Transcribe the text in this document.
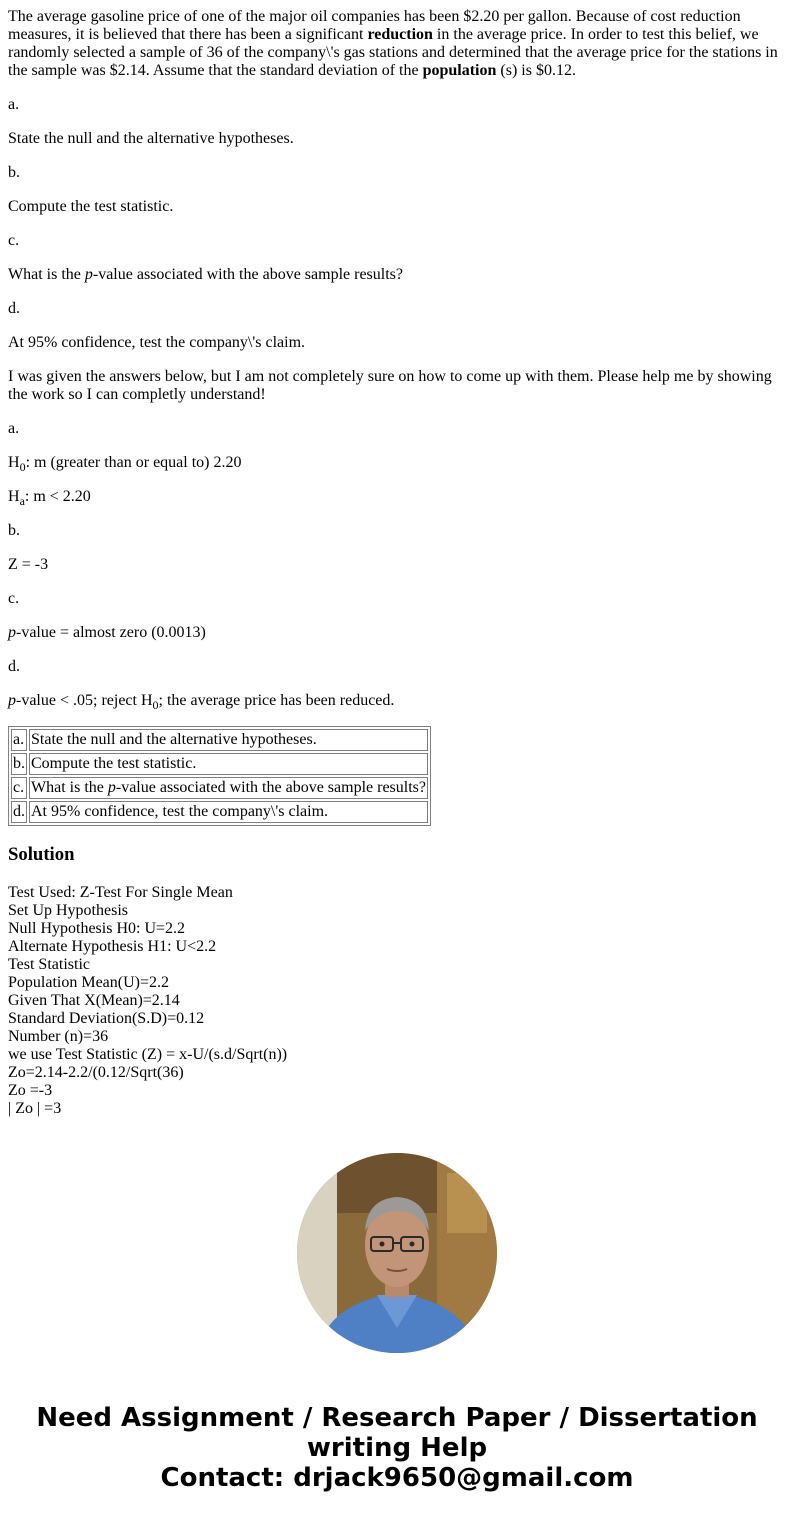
The average gasoline price of one of the major oil companies has been $2.20 per gallon. Because of cost reduction measures, it is believed that there has been a significant reduction in the average price. In order to test this belief, we randomly selected a sample of 36 of the company\'s gas stations and determined that the average price for the stations in the sample was $2.14. Assume that the standard deviation of the population (s) is $0.12.

a.

State the null and the alternative hypotheses.

b.

Compute the test statistic.

c.

What is the p-value associated with the above sample results?

d.

At 95% confidence, test the company\'s claim.

I was given the answers below, but I am not completely sure on how to come up with them. Please help me by showing the work so I can completly understand!

a.

$H_0$: m (greater than or equal to) 2.20

$H_a$: m < 2.20

b.

Z = -3

c.

p-value = almost zero (0.0013)

d.

p-value < .05; reject $H_0$; the average price has been reduced.

a.	State the null and the alternative hypotheses.
b.	Compute the test statistic.
c.	What is the p-value associated with the above sample results?
d.	At 95% confidence, test the company\'s claim.
Solution
Test Used: Z-Test For Single Mean
Set Up Hypothesis
Null Hypothesis H0: U=2.2
Alternate Hypothesis H1: U<2.2
Test Statistic
Population Mean(U)=2.2
Given That X(Mean)=2.14
Standard Deviation(S.D)=0.12
Number (n)=36
we use Test Statistic (Z) = x-U/(s.d/Sqrt(n))
Zo=2.14-2.2/(0.12/Sqrt(36)
Zo =-3
| Zo | =3
Need Assignment / Research Paper / Dissertation
writing Help
Contact: drjack9650@gmail.com
